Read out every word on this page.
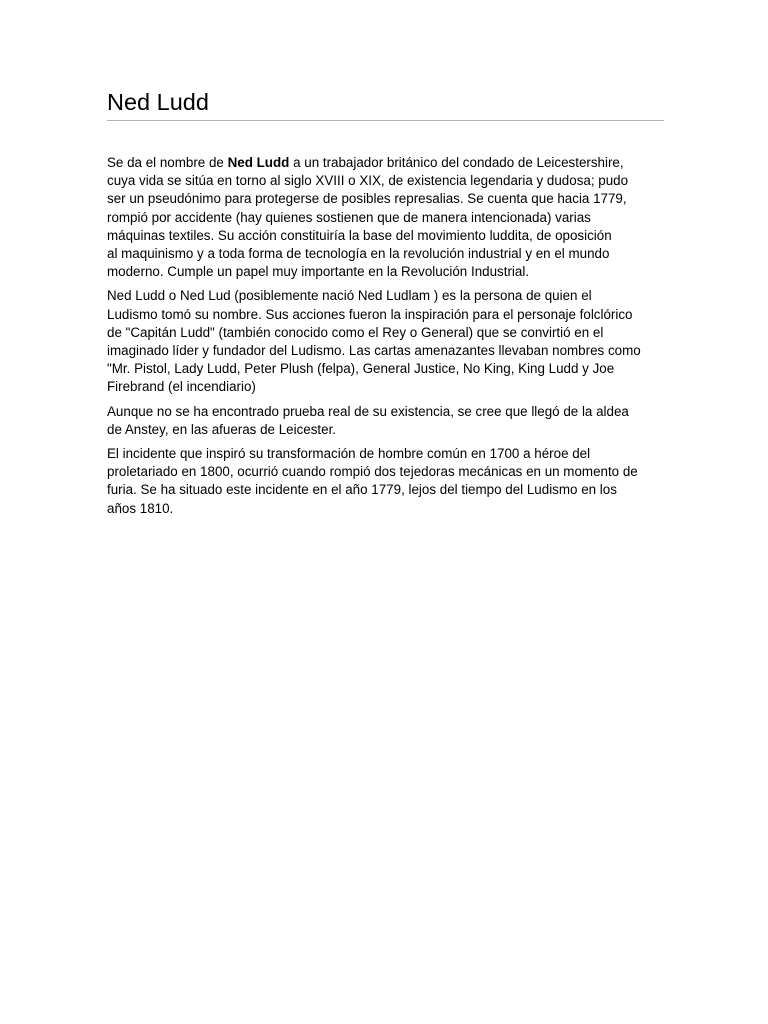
Ned Ludd

Se da el nombre de Ned Ludd a un trabajador británico del condado de Leicestershire,
cuya vida se sitúa en torno al siglo XVIII o XIX, de existencia legendaria y dudosa; pudo
ser un pseudónimo para protegerse de posibles represalias. Se cuenta que hacia 1779,
rompió por accidente (hay quienes sostienen que de manera intencionada) varias
máquinas textiles. Su acción constituiría la base del movimiento luddita, de oposición
al maquinismo y a toda forma de tecnología en la revolución industrial y en el mundo
moderno. Cumple un papel muy importante en la Revolución Industrial.

Ned Ludd o Ned Lud (posiblemente nació Ned Ludlam ) es la persona de quien el
Ludismo tomó su nombre. Sus acciones fueron la inspiración para el personaje folclórico
de "Capitán Ludd" (también conocido como el Rey o General) que se convirtió en el
imaginado líder y fundador del Ludismo. Las cartas amenazantes llevaban nombres como
"Mr. Pistol, Lady Ludd, Peter Plush (felpa), General Justice, No King, King Ludd y Joe
Firebrand (el incendiario)

Aunque no se ha encontrado prueba real de su existencia, se cree que llegó de la aldea
de Anstey, en las afueras de Leicester.

El incidente que inspiró su transformación de hombre común en 1700 a héroe del
proletariado en 1800, ocurrió cuando rompió dos tejedoras mecánicas en un momento de
furia. Se ha situado este incidente en el año 1779, lejos del tiempo del Ludismo en los
años 1810.
